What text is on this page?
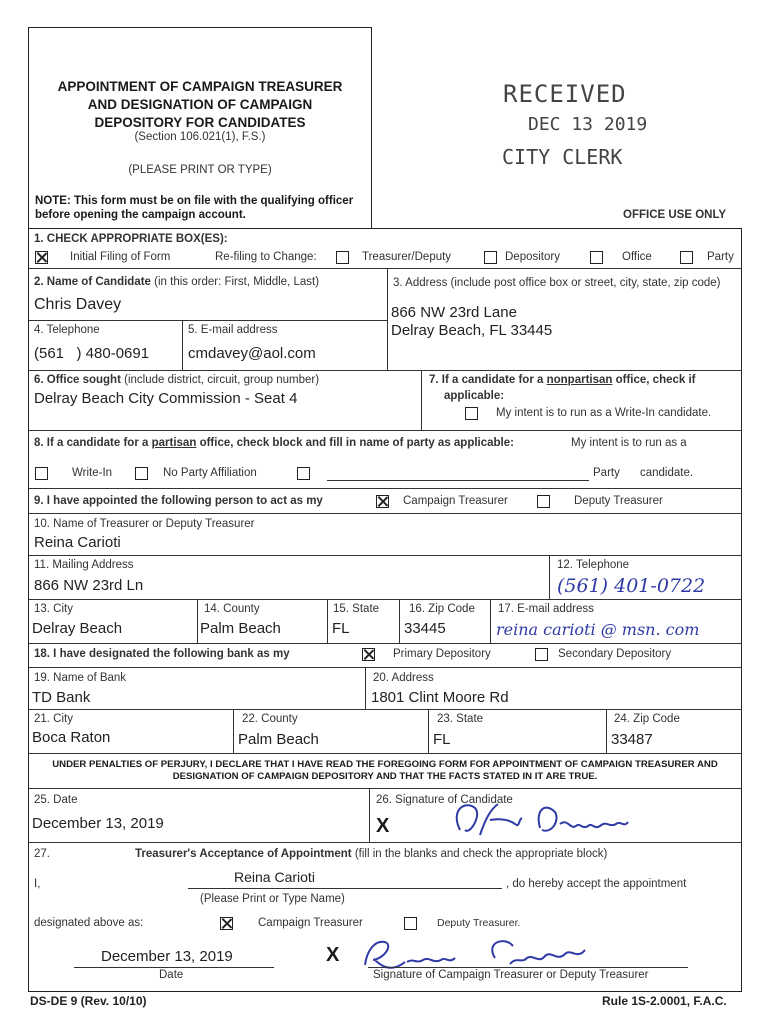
APPOINTMENT OF CAMPAIGN TREASURER
AND DESIGNATION OF CAMPAIGN
DEPOSITORY FOR CANDIDATES
(Section 106.021(1), F.S.)
(PLEASE PRINT OR TYPE)
NOTE: This form must be on file with the qualifying officer before opening the campaign account.	OFFICE USE ONLY
RECEIVED
DEC 13 2019
CITY CLERK
1. CHECK APPROPRIATE BOX(ES):
Initial Filing of Form	Re-filing to Change:	Treasurer/Deputy	Depository	Office	Party
2. Name of Candidate (in this order: First, Middle, Last)
Chris Davey
3. Address (include post office box or street, city, state, zip code)
866 NW 23rd Lane
Delray Beach, FL 33445
4. Telephone
(561   ) 480-0691
5. E-mail address
cmdavey@aol.com
6. Office sought (include district, circuit, group number)
Delray Beach City Commission - Seat 4
7. If a candidate for a nonpartisan office, check if
applicable:
My intent is to run as a Write-In candidate.
8. If a candidate for a partisan office, check block and fill in name of party as applicable:	My intent is to run as a
Write-In	No Party Affiliation	Party candidate.
9. I have appointed the following person to act as my	Campaign Treasurer	Deputy Treasurer
10. Name of Treasurer or Deputy Treasurer
Reina Carioti
11. Mailing Address
866 NW 23rd Ln
12. Telephone
(561) 401-0722
13. City
Delray Beach
14. County
Palm Beach
15. State
FL
16. Zip Code
33445
17. E-mail address
reina carioti @ msn. com
18. I have designated the following bank as my	Primary Depository	Secondary Depository
19. Name of Bank
TD Bank
20. Address
1801 Clint Moore Rd
21. City
Boca Raton
22. County
Palm Beach
23. State
FL
24. Zip Code
33487
UNDER PENALTIES OF PERJURY, I DECLARE THAT I HAVE READ THE FOREGOING FORM FOR APPOINTMENT OF CAMPAIGN TREASURER AND
DESIGNATION OF CAMPAIGN DEPOSITORY AND THAT THE FACTS STATED IN IT ARE TRUE.
25. Date
December 13, 2019
26. Signature of Candidate
X
27.	Treasurer's Acceptance of Appointment (fill in the blanks and check the appropriate block)
I,	Reina Carioti	, do hereby accept the appointment
(Please Print or Type Name)
designated above as:	Campaign Treasurer	Deputy Treasurer.
December 13, 2019
Date
X
Signature of Campaign Treasurer or Deputy Treasurer
DS-DE 9 (Rev. 10/10)	Rule 1S-2.0001, F.A.C.
